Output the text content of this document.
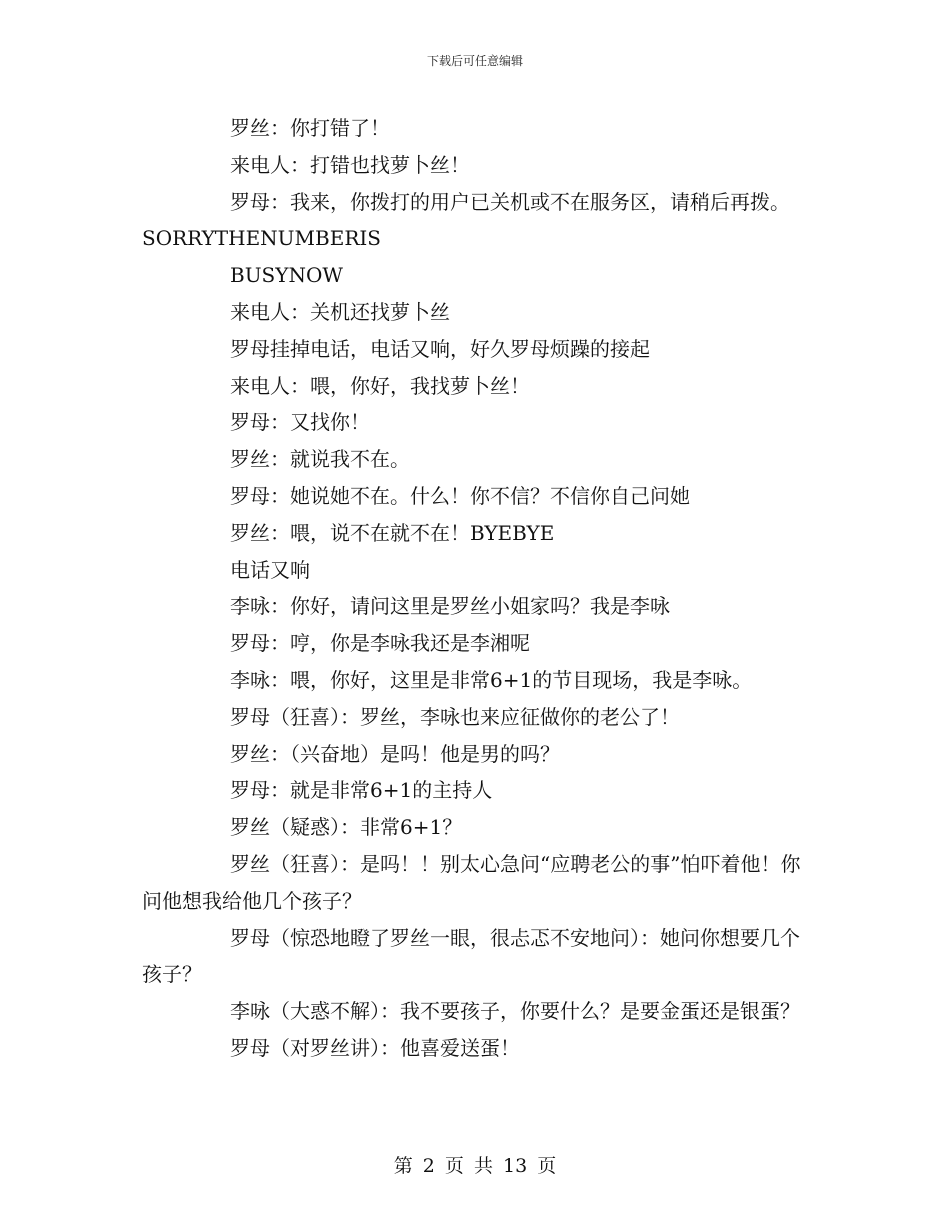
下载后可任意编辑

罗丝：你打错了！

来电人：打错也找萝卜丝！

罗母：我来，你拨打的用户已关机或不在服务区，请稍后再拨。SORRYTHENUMBERIS

BUSYNOW

来电人：关机还找萝卜丝

罗母挂掉电话，电话又响，好久罗母烦躁的接起

来电人：喂，你好，我找萝卜丝！

罗母：又找你！

罗丝：就说我不在。

罗母：她说她不在。什么！你不信？不信你自己问她

罗丝：喂，说不在就不在！BYEBYE

电话又响

李咏：你好，请问这里是罗丝小姐家吗？我是李咏

罗母：哼，你是李咏我还是李湘呢

李咏：喂，你好，这里是非常6+1的节目现场，我是李咏。

罗母（狂喜）：罗丝，李咏也来应征做你的老公了！

罗丝：（兴奋地）是吗！他是男的吗？

罗母：就是非常6+1的主持人

罗丝（疑惑）：非常6+1？

罗丝（狂喜）：是吗！！别太心急问“应聘老公的事”怕吓着他！你问他想我给他几个孩子？

罗母（惊恐地瞪了罗丝一眼，很忐忑不安地问）：她问你想要几个孩子？

李咏（大惑不解）：我不要孩子，你要什么？是要金蛋还是银蛋？

罗母（对罗丝讲）：他喜爱送蛋！

第 2 页 共 13 页
